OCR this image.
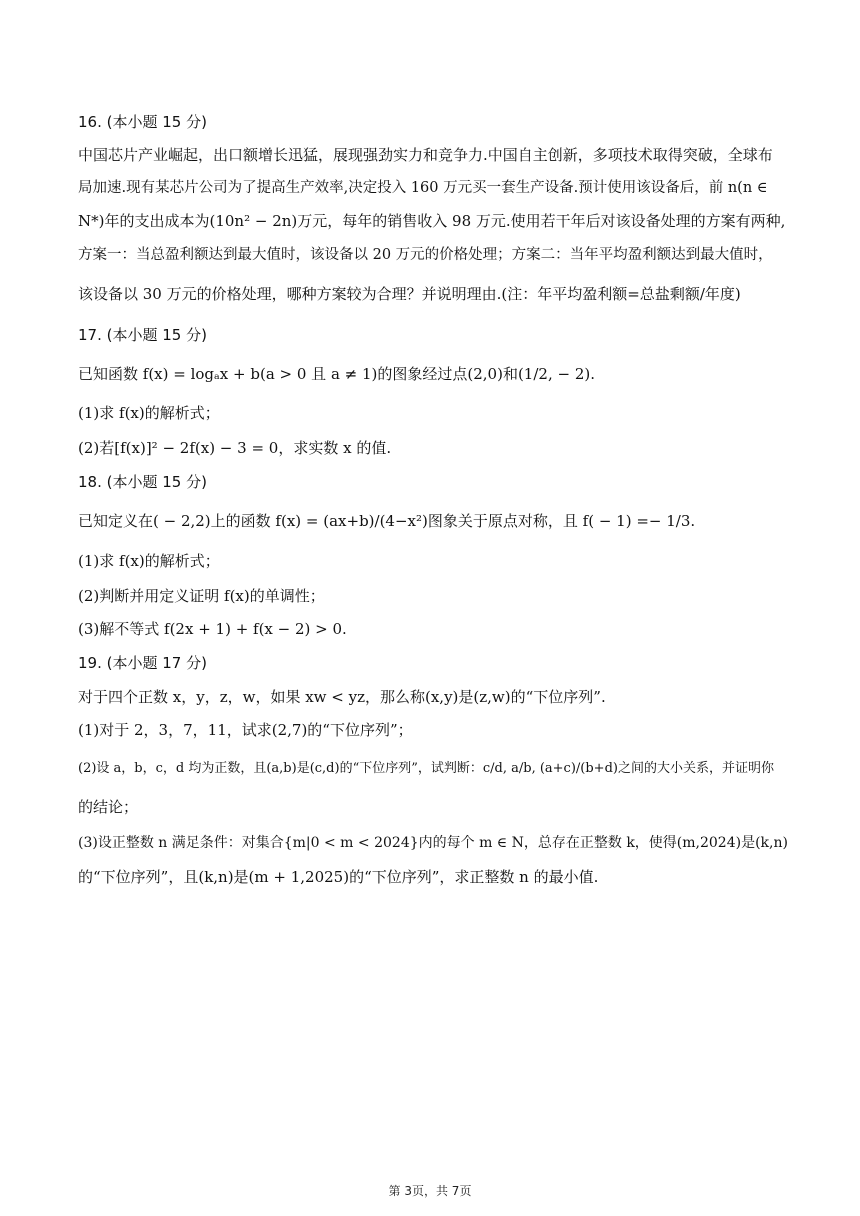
16. (本小题 15 分)
中国芯片产业崛起，出口额增长迅猛，展现强劲实力和竞争力.中国自主创新，多项技术取得突破，全球布
局加速.现有某芯片公司为了提高生产效率,决定投入 160 万元买一套生产设备.预计使用该设备后，前 n(n ∈
N*)年的支出成本为(10n² − 2n)万元，每年的销售收入 98 万元.使用若干年后对该设备处理的方案有两种,
方案一：当总盈利额达到最大值时，该设备以 20 万元的价格处理；方案二：当年平均盈利额达到最大值时，
该设备以 30 万元的价格处理，哪种方案较为合理？并说明理由.(注：年平均盈利额=总盐剩额/年度)
17. (本小题 15 分)
已知函数 f(x) = logₐx + b(a > 0 且 a ≠ 1)的图象经过点(2,0)和(1/2, − 2).
(1)求 f(x)的解析式；
(2)若[f(x)]² − 2f(x) − 3 = 0，求实数 x 的值.
18. (本小题 15 分)
已知定义在( − 2,2)上的函数 f(x) = (ax+b)/(4−x²)图象关于原点对称，且 f( − 1) =− 1/3.
(1)求 f(x)的解析式；
(2)判断并用定义证明 f(x)的单调性；
(3)解不等式 f(2x + 1) + f(x − 2) > 0.
19. (本小题 17 分)
对于四个正数 x，y，z，w，如果 xw < yz，那么称(x,y)是(z,w)的“下位序列”.
(1)对于 2，3，7，11，试求(2,7)的“下位序列”；
(2)设 a，b，c，d 均为正数，且(a,b)是(c,d)的“下位序列”，试判断：c/d, a/b, (a+c)/(b+d)之间的大小关系，并证明你
的结论；
(3)设正整数 n 满足条件：对集合{m|0 < m < 2024}内的每个 m ∈ N，总存在正整数 k，使得(m,2024)是(k,n)
的“下位序列”，且(k,n)是(m + 1,2025)的“下位序列”，求正整数 n 的最小值.
第 3页，共 7页
